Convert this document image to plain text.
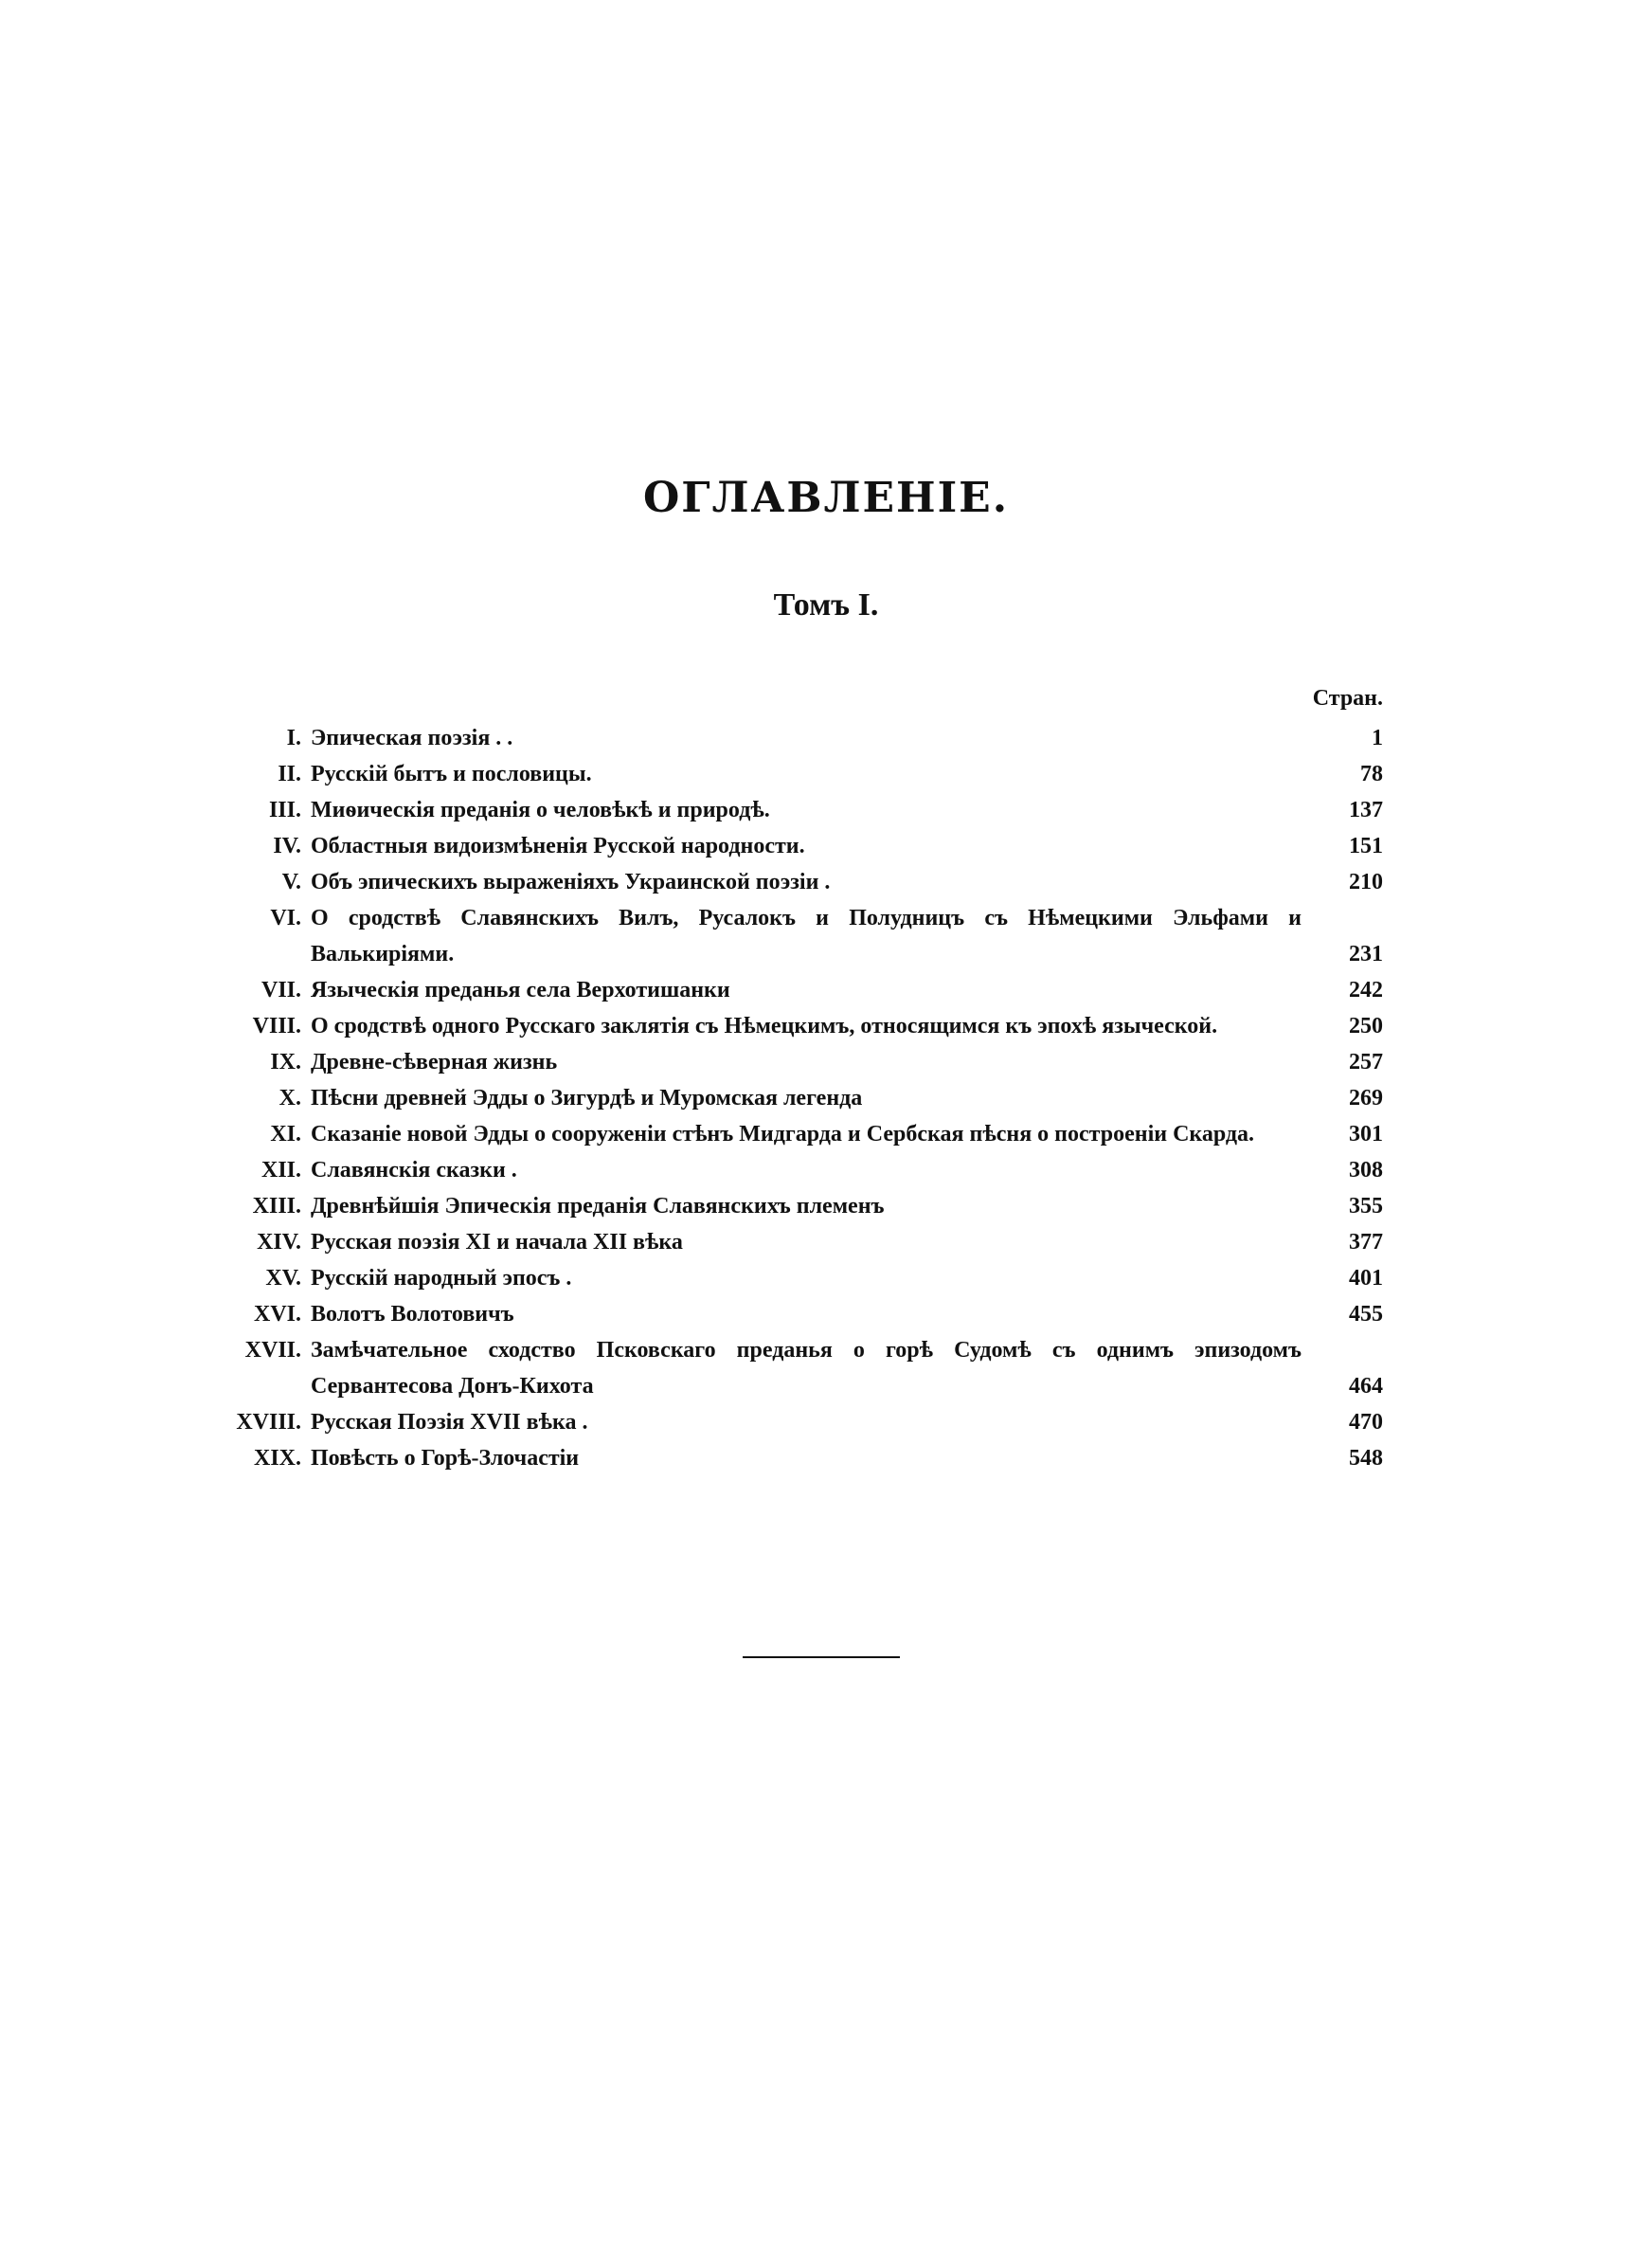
ОГЛАВЛЕНІЕ.
Томъ I.
Стран.
I. Эпическая поэзія . .	1
II. Русскій бытъ и пословицы.	78
III. Миѳическія преданія о человѣкѣ и природѣ.	137
IV. Областныя видоизмѣненія Русской народности.	151
V. Объ эпическихъ выраженіяхъ Украинской поэзіи .	210
VI. О сродствѣ Славянскихъ Вилъ, Русалокъ и Полудницъ съ Нѣмецкими Эльфами и Валькиріями.	231
VII. Языческія преданья села Верхотишанки	242
VIII. О сродствѣ одного Русскаго заклятія съ Нѣмецкимъ, относящимся къ эпохѣ языческой.	250
IX. Древне-сѣверная жизнь	257
X. Пѣсни древней Эдды о Зигурдѣ и Муромская легенда	269
XI. Сказаніе новой Эдды о сооруженіи стѣнъ Мидгарда и Сербская пѣсня о построеніи Скарда.	301
XII. Славянскія сказки .	308
XIII. Древнѣйшія Эпическія преданія Славянскихъ племенъ	355
XIV. Русская поэзія XI и начала XII вѣка	377
XV. Русскій народный эпосъ .	401
XVI. Волотъ Волотовичъ	455
XVII. Замѣчательное сходство Псковскаго преданья о горѣ Судомѣ съ однимъ эпизодомъ Сервантесова Донъ-Кихота	464
XVIII. Русская Поэзія XVII вѣка .	470
XIX. Повѣсть о Горѣ-Злочастіи	548
